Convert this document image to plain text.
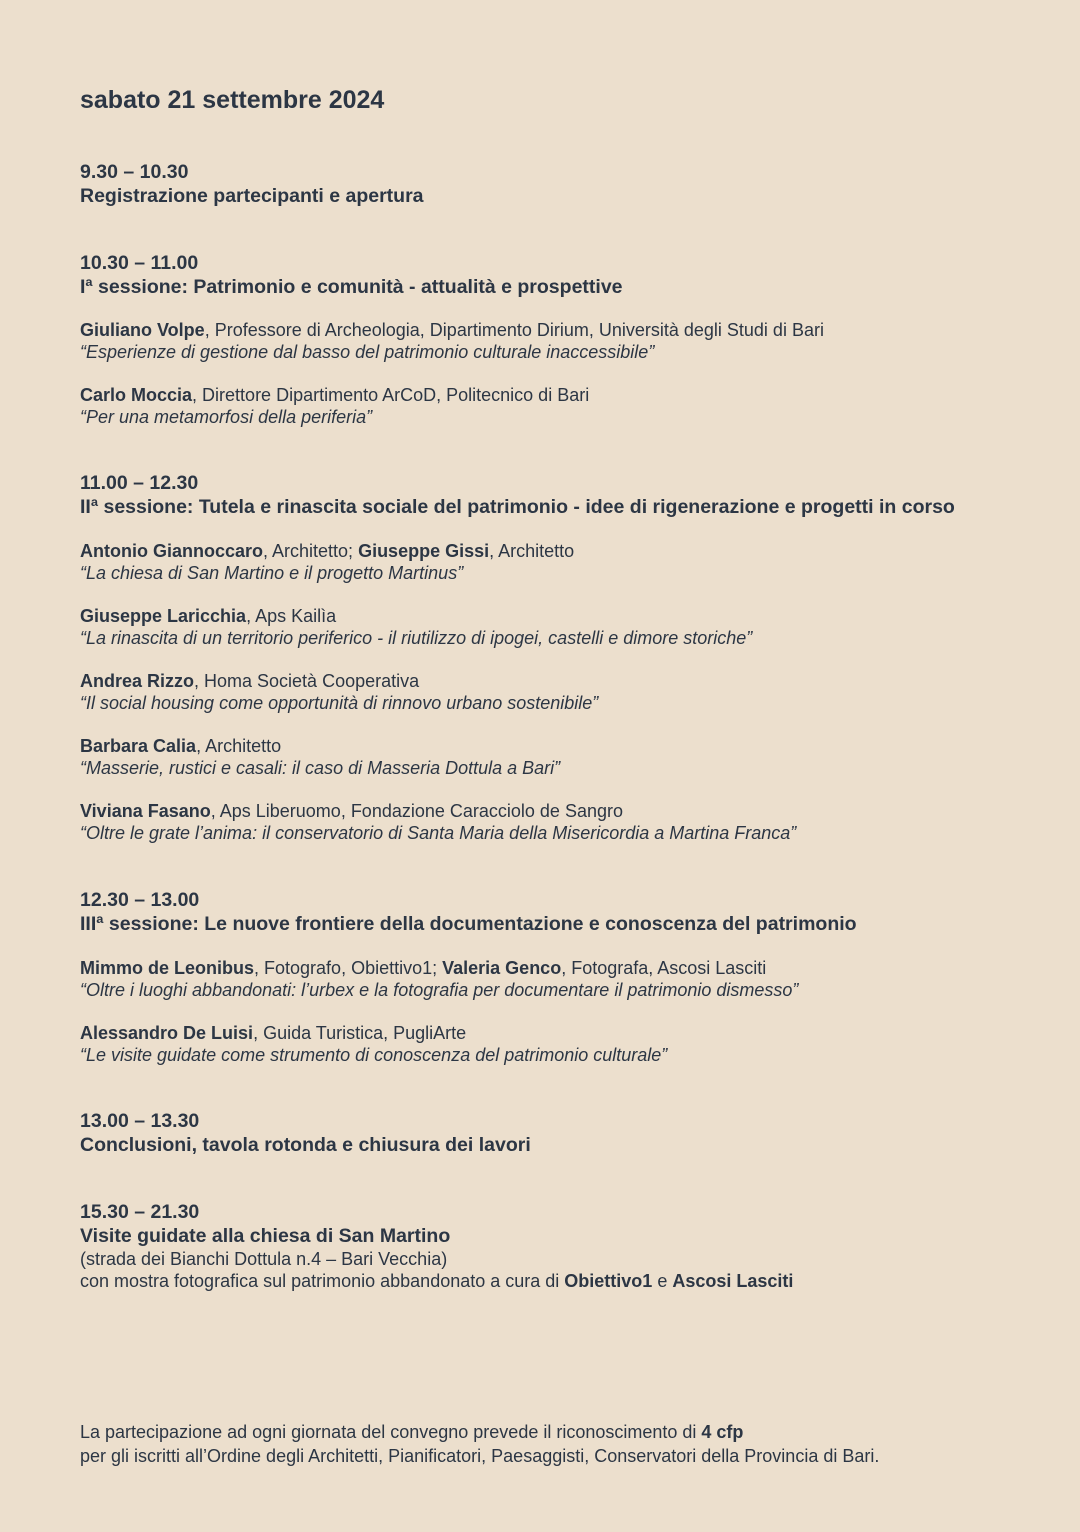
sabato 21 settembre 2024
9.30 – 10.30
Registrazione partecipanti e apertura
10.30 – 11.00
Iª sessione: Patrimonio e comunità - attualità e prospettive
Giuliano Volpe, Professore di Archeologia, Dipartimento Dirium, Università degli Studi di Bari
“Esperienze di gestione dal basso del patrimonio culturale inaccessibile”
Carlo Moccia, Direttore Dipartimento ArCoD, Politecnico di Bari
“Per una metamorfosi della periferia”
11.00 – 12.30
IIª sessione: Tutela e rinascita sociale del patrimonio - idee di rigenerazione e progetti in corso
Antonio Giannoccaro, Architetto; Giuseppe Gissi, Architetto
“La chiesa di San Martino e il progetto Martinus”
Giuseppe Laricchia, Aps Kailìa
“La rinascita di un territorio periferico - il riutilizzo di ipogei, castelli e dimore storiche”
Andrea Rizzo, Homa Società Cooperativa
“Il social housing come opportunità di rinnovo urbano sostenibile”
Barbara Calia, Architetto
“Masserie, rustici e casali: il caso di Masseria Dottula a Bari”
Viviana Fasano, Aps Liberuomo, Fondazione Caracciolo de Sangro
“Oltre le grate l’anima: il conservatorio di Santa Maria della Misericordia a Martina Franca”
12.30 – 13.00
IIIª sessione: Le nuove frontiere della documentazione e conoscenza del patrimonio
Mimmo de Leonibus, Fotografo, Obiettivo1; Valeria Genco, Fotografa, Ascosi Lasciti
“Oltre i luoghi abbandonati: l’urbex e la fotografia per documentare il patrimonio dismesso”
Alessandro De Luisi, Guida Turistica, PugliArte
“Le visite guidate come strumento di conoscenza del patrimonio culturale”
13.00 – 13.30
Conclusioni, tavola rotonda e chiusura dei lavori
15.30 – 21.30
Visite guidate alla chiesa di San Martino
(strada dei Bianchi Dottula n.4 – Bari Vecchia)
con mostra fotografica sul patrimonio abbandonato a cura di Obiettivo1 e Ascosi Lasciti
La partecipazione ad ogni giornata del convegno prevede il riconoscimento di 4 cfp
per gli iscritti all’Ordine degli Architetti, Pianificatori, Paesaggisti, Conservatori della Provincia di Bari.
